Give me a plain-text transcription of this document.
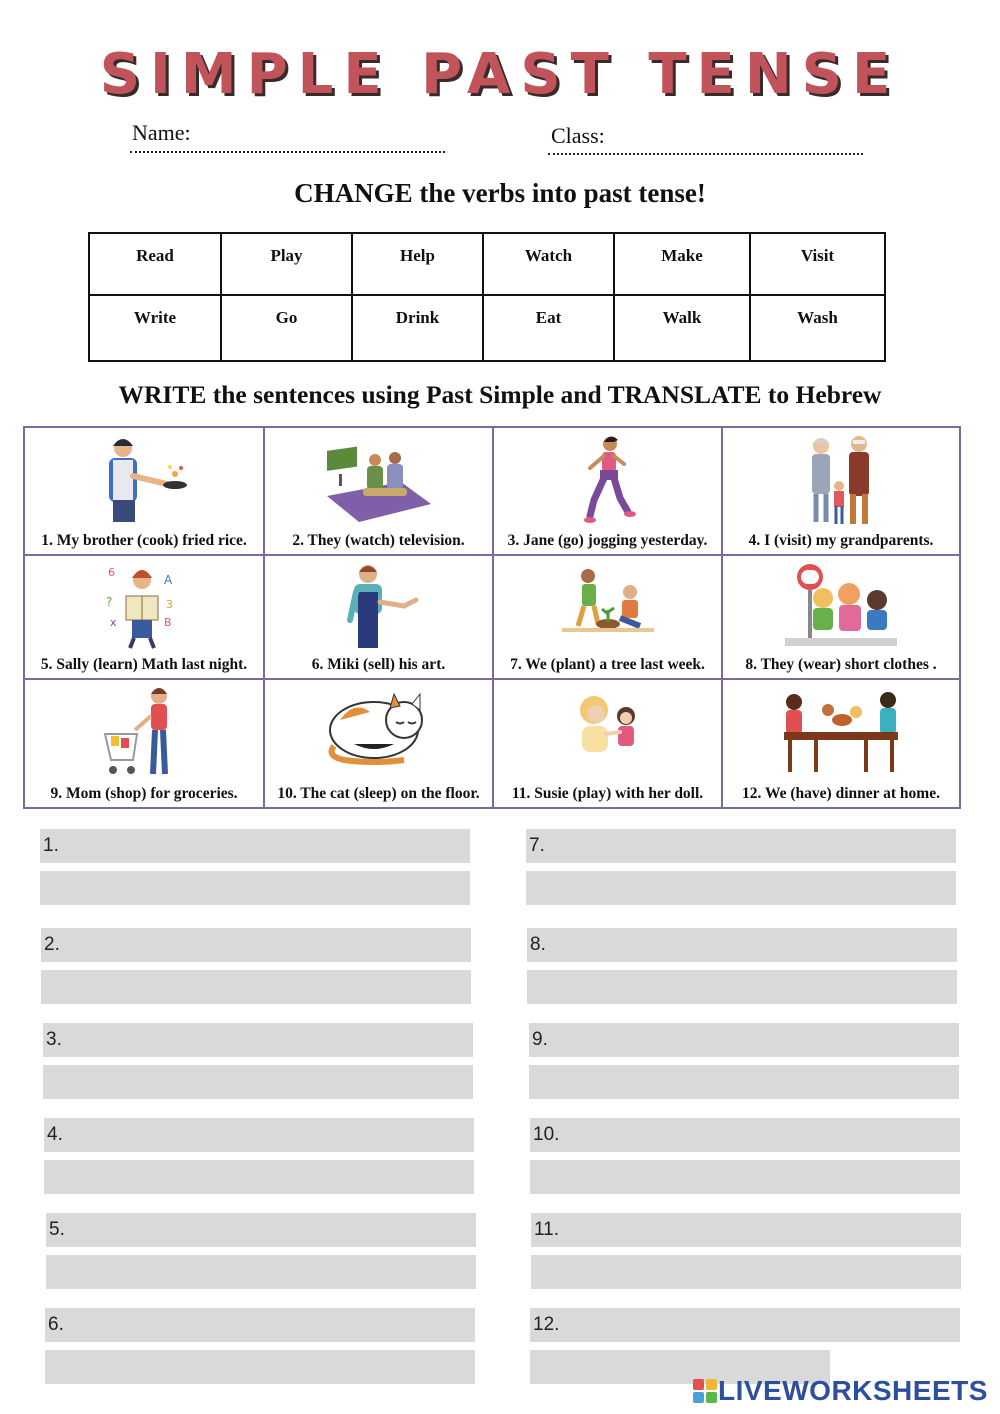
SIMPLE PAST TENSE
Name:	Class:
CHANGE the verbs into past tense!
Read	Play	Help	Watch	Make	Visit
Write	Go	Drink	Eat	Walk	Wash
WRITE the sentences using Past Simple and TRANSLATE to Hebrew
1. My brother (cook) fried rice.	2. They (watch) television.	3. Jane (go) jogging yesterday.	4. I (visit) my grandparents.
6
A
?	3
x	B
5. Sally (learn) Math last night.	6. Miki (sell) his art.	7. We (plant) a tree last week.	8. They (wear) short clothes .
9. Mom (shop) for groceries.	10. The cat (sleep) on the floor.	11. Susie (play) with her doll.	12. We (have) dinner at home.
1.
2.
3.
4.
5.
6.
7.
8.
9.
10.
11.
12.
LIVEWORKSHEETS
